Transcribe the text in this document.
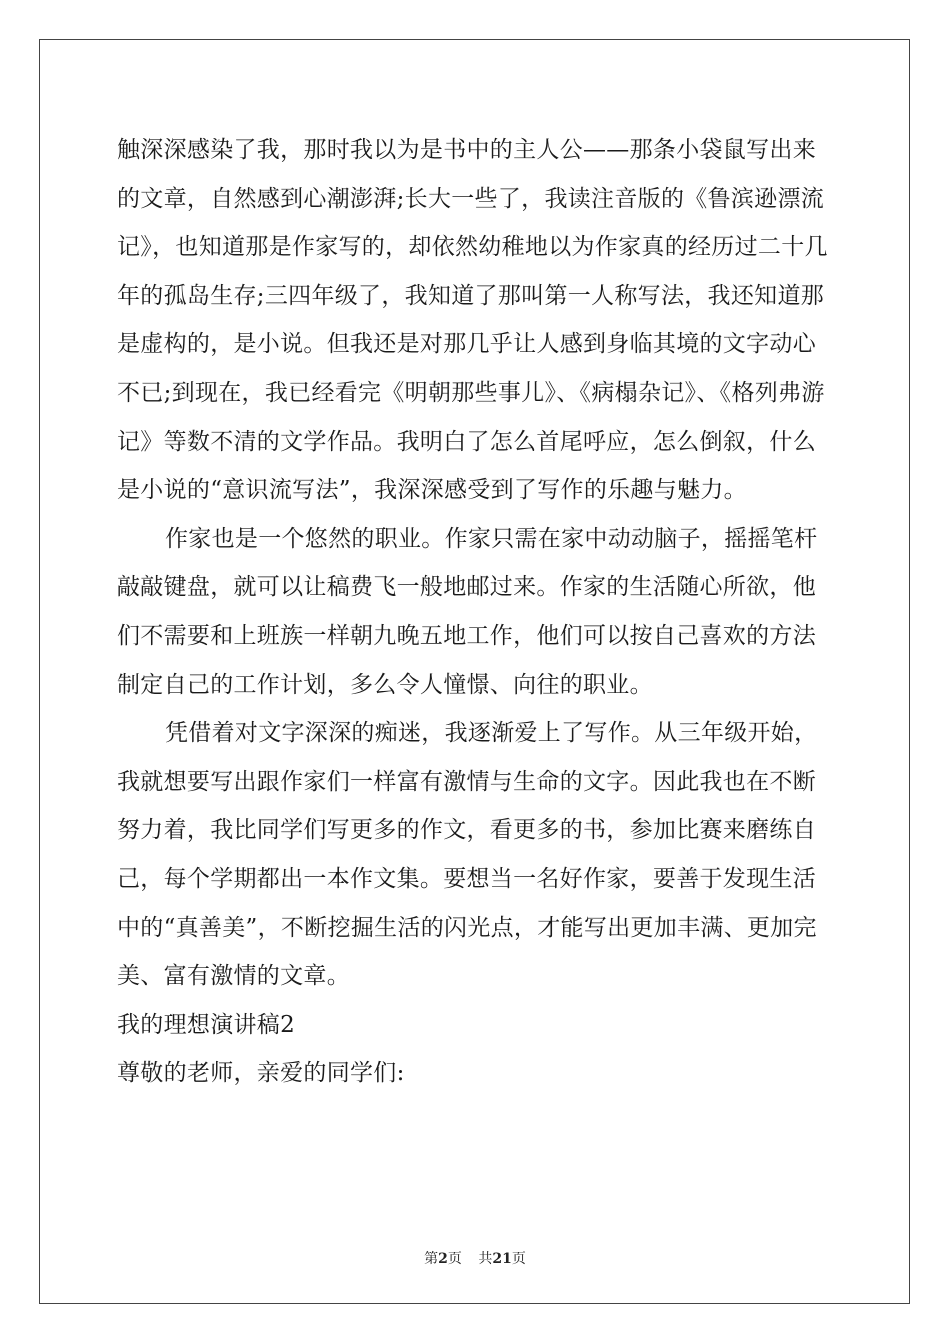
触深深感染了我，那时我以为是书中的主人公——那条小袋鼠写出来的文章，自然感到心潮澎湃;长大一些了，我读注音版的《鲁滨逊漂流记》，也知道那是作家写的，却依然幼稚地以为作家真的经历过二十几年的孤岛生存;三四年级了，我知道了那叫第一人称写法，我还知道那是虚构的，是小说。但我还是对那几乎让人感到身临其境的文字动心不已;到现在，我已经看完《明朝那些事儿》、《病榻杂记》、《格列弗游记》等数不清的文学作品。我明白了怎么首尾呼应，怎么倒叙，什么是小说的“意识流写法”，我深深感受到了写作的乐趣与魅力。

作家也是一个悠然的职业。作家只需在家中动动脑子，摇摇笔杆敲敲键盘，就可以让稿费飞一般地邮过来。作家的生活随心所欲，他们不需要和上班族一样朝九晚五地工作，他们可以按自己喜欢的方法制定自己的工作计划，多么令人憧憬、向往的职业。

凭借着对文字深深的痴迷，我逐渐爱上了写作。从三年级开始，我就想要写出跟作家们一样富有激情与生命的文字。因此我也在不断努力着，我比同学们写更多的作文，看更多的书，参加比赛来磨练自己，每个学期都出一本作文集。要想当一名好作家，要善于发现生活中的“真善美”，不断挖掘生活的闪光点，才能写出更加丰满、更加完美、富有激情的文章。

我的理想演讲稿2

尊敬的老师，亲爱的同学们:

第2页 共21页
